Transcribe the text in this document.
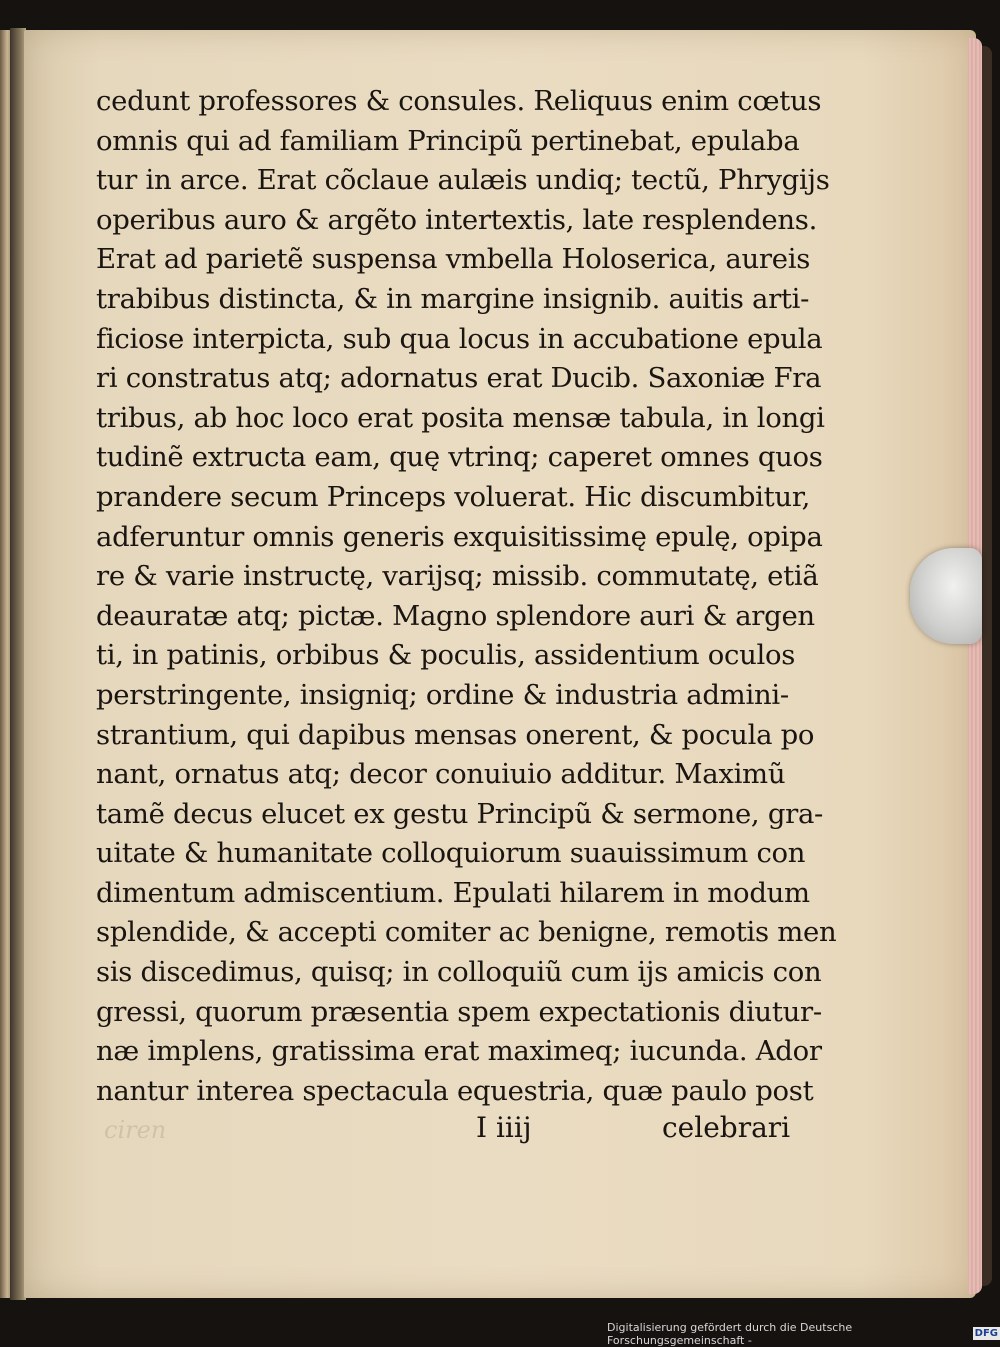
ciren
cedunt professores & consules. Reliquus enim cœtus
omnis qui ad familiam Principũ pertinebat, epulaba
tur in arce. Erat cõclaue aulæis undiq; tectũ, Phrygijs
operibus auro & argẽto intertextis, late resplendens.
Erat ad parietẽ suspensa vmbella Holoserica, aureis
trabibus distincta, & in margine insignib. auitis arti-
ficiose interpicta, sub qua locus in accubatione epula
ri constratus atq; adornatus erat Ducib. Saxoniæ Fra
tribus, ab hoc loco erat posita mensæ tabula, in longi
tudinẽ extructa eam, quę vtrinq; caperet omnes quos
prandere secum Princeps voluerat. Hic discumbitur,
adferuntur omnis generis exquisitissimę epulę, opipa
re & varie instructę, varijsq; missib. commutatę, etiã
deauratæ atq; pictæ. Magno splendore auri & argen
ti, in patinis, orbibus & poculis, assidentium oculos
perstringente, insigniq; ordine & industria admini-
strantium, qui dapibus mensas onerent, & pocula po
nant, ornatus atq; decor conuiuio additur. Maximũ
tamẽ decus elucet ex gestu Principũ & sermone, gra-
uitate & humanitate colloquiorum suauissimum con
dimentum admiscentium. Epulati hilarem in modum
splendide, & accepti comiter ac benigne, remotis men
sis discedimus, quisq; in colloquiũ cum ijs amicis con
gressi, quorum præsentia spem expectationis diutur-
næ implens, gratissima erat maximeq; iucunda. Ador
nantur interea spectacula equestria, quæ paulo post
I iiij	celebrari
Digitalisierung gefördert durch die Deutsche Forschungsgemeinschaft -	DFG
